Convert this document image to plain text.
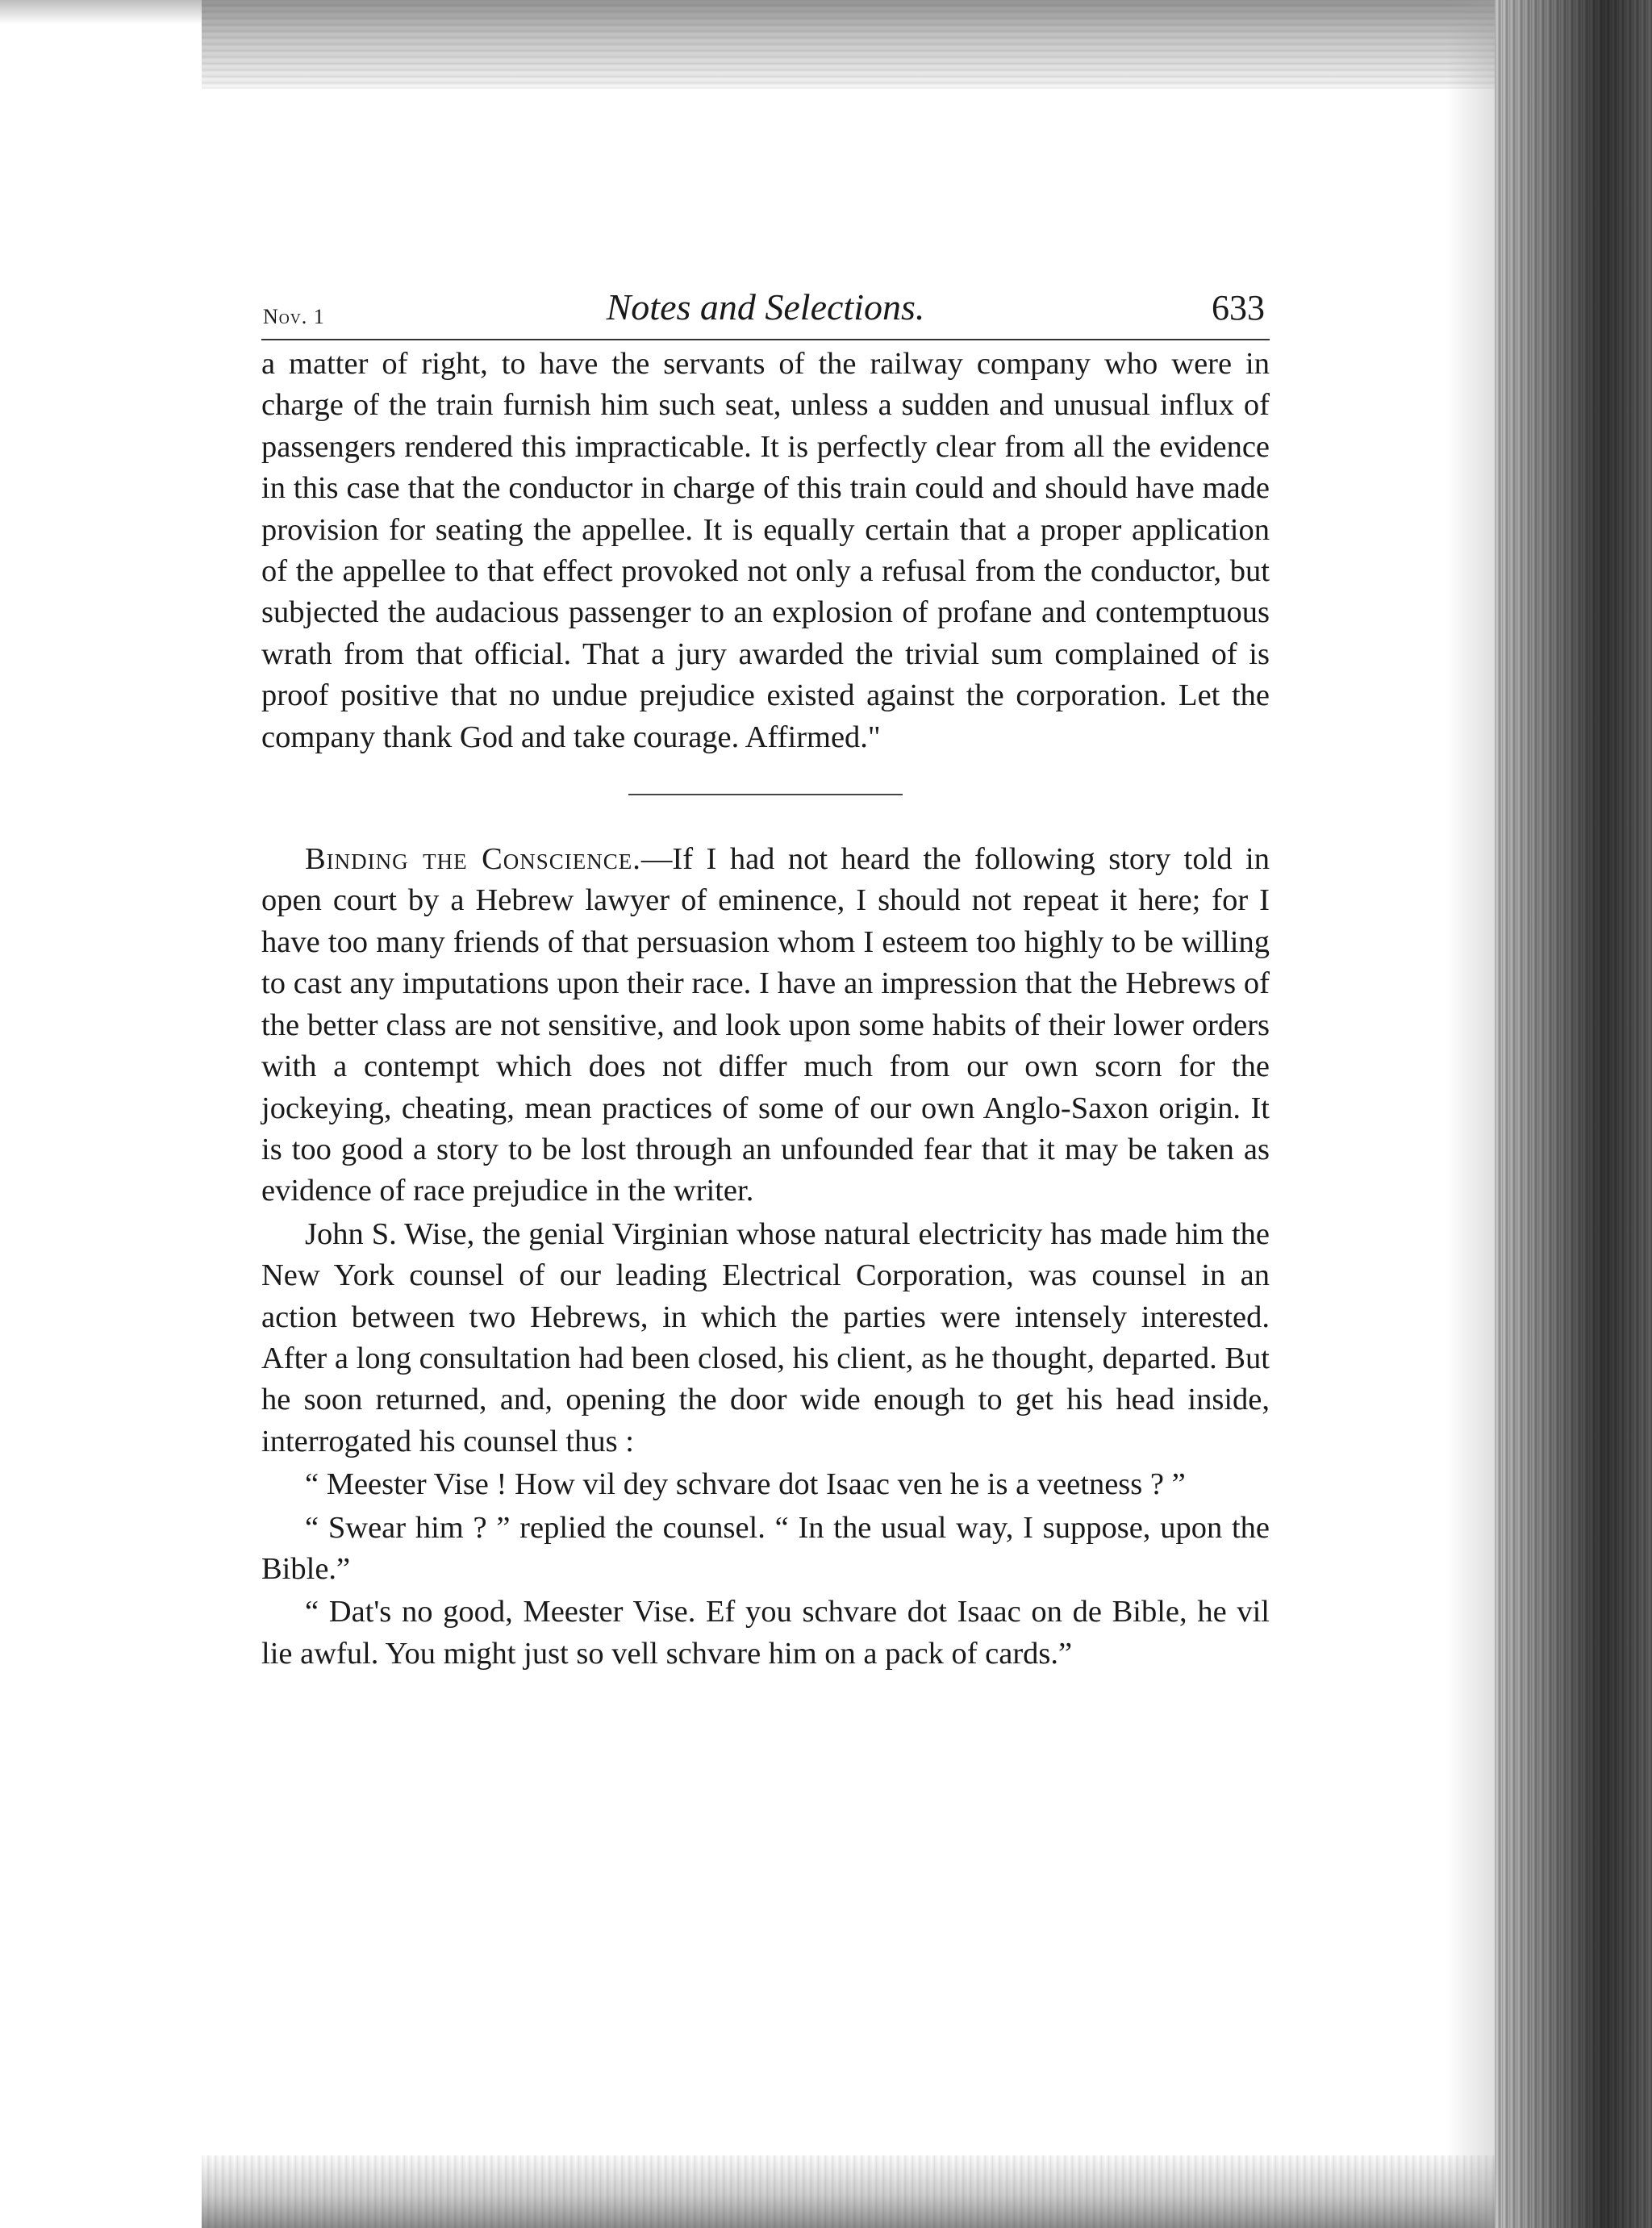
Nov. 1	Notes and Selections.	633

a matter of right, to have the servants of the railway company who were in charge of the train furnish him such seat, unless a sudden and unusual influx of passengers rendered this impracticable. It is perfectly clear from all the evidence in this case that the conductor in charge of this train could and should have made provision for seating the appellee. It is equally certain that a proper application of the appellee to that effect provoked not only a refusal from the conductor, but subjected the audacious passenger to an explosion of profane and contemptuous wrath from that official. That a jury awarded the trivial sum complained of is proof positive that no undue prejudice existed against the corporation. Let the company thank God and take courage. Affirmed."

Binding the Conscience.—If I had not heard the following story told in open court by a Hebrew lawyer of eminence, I should not repeat it here; for I have too many friends of that persuasion whom I esteem too highly to be willing to cast any imputations upon their race. I have an impression that the Hebrews of the better class are not sensitive, and look upon some habits of their lower orders with a contempt which does not differ much from our own scorn for the jockeying, cheating, mean practices of some of our own Anglo-Saxon origin. It is too good a story to be lost through an unfounded fear that it may be taken as evidence of race prejudice in the writer.

John S. Wise, the genial Virginian whose natural electricity has made him the New York counsel of our leading Electrical Corporation, was counsel in an action between two Hebrews, in which the parties were intensely interested. After a long consultation had been closed, his client, as he thought, departed. But he soon returned, and, opening the door wide enough to get his head inside, interrogated his counsel thus :

“ Meester Vise ! How vil dey schvare dot Isaac ven he is a veetness ? ”

“ Swear him ? ” replied the counsel. “ In the usual way, I suppose, upon the Bible.”

“ Dat's no good, Meester Vise. Ef you schvare dot Isaac on de Bible, he vil lie awful. You might just so vell schvare him on a pack of cards.”
